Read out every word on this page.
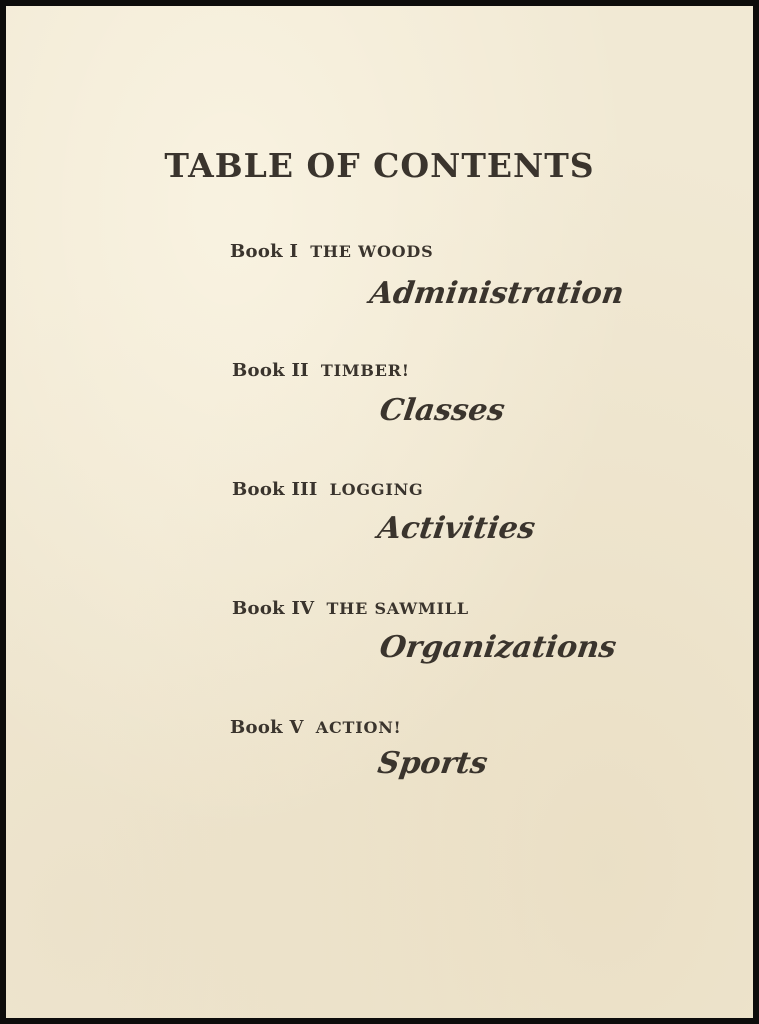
TABLE OF CONTENTS
Book I THE WOODS
Administration
Book II TIMBER!
Classes
Book III LOGGING
Activities
Book IV THE SAWMILL
Organizations
Book V ACTION!
Sports
